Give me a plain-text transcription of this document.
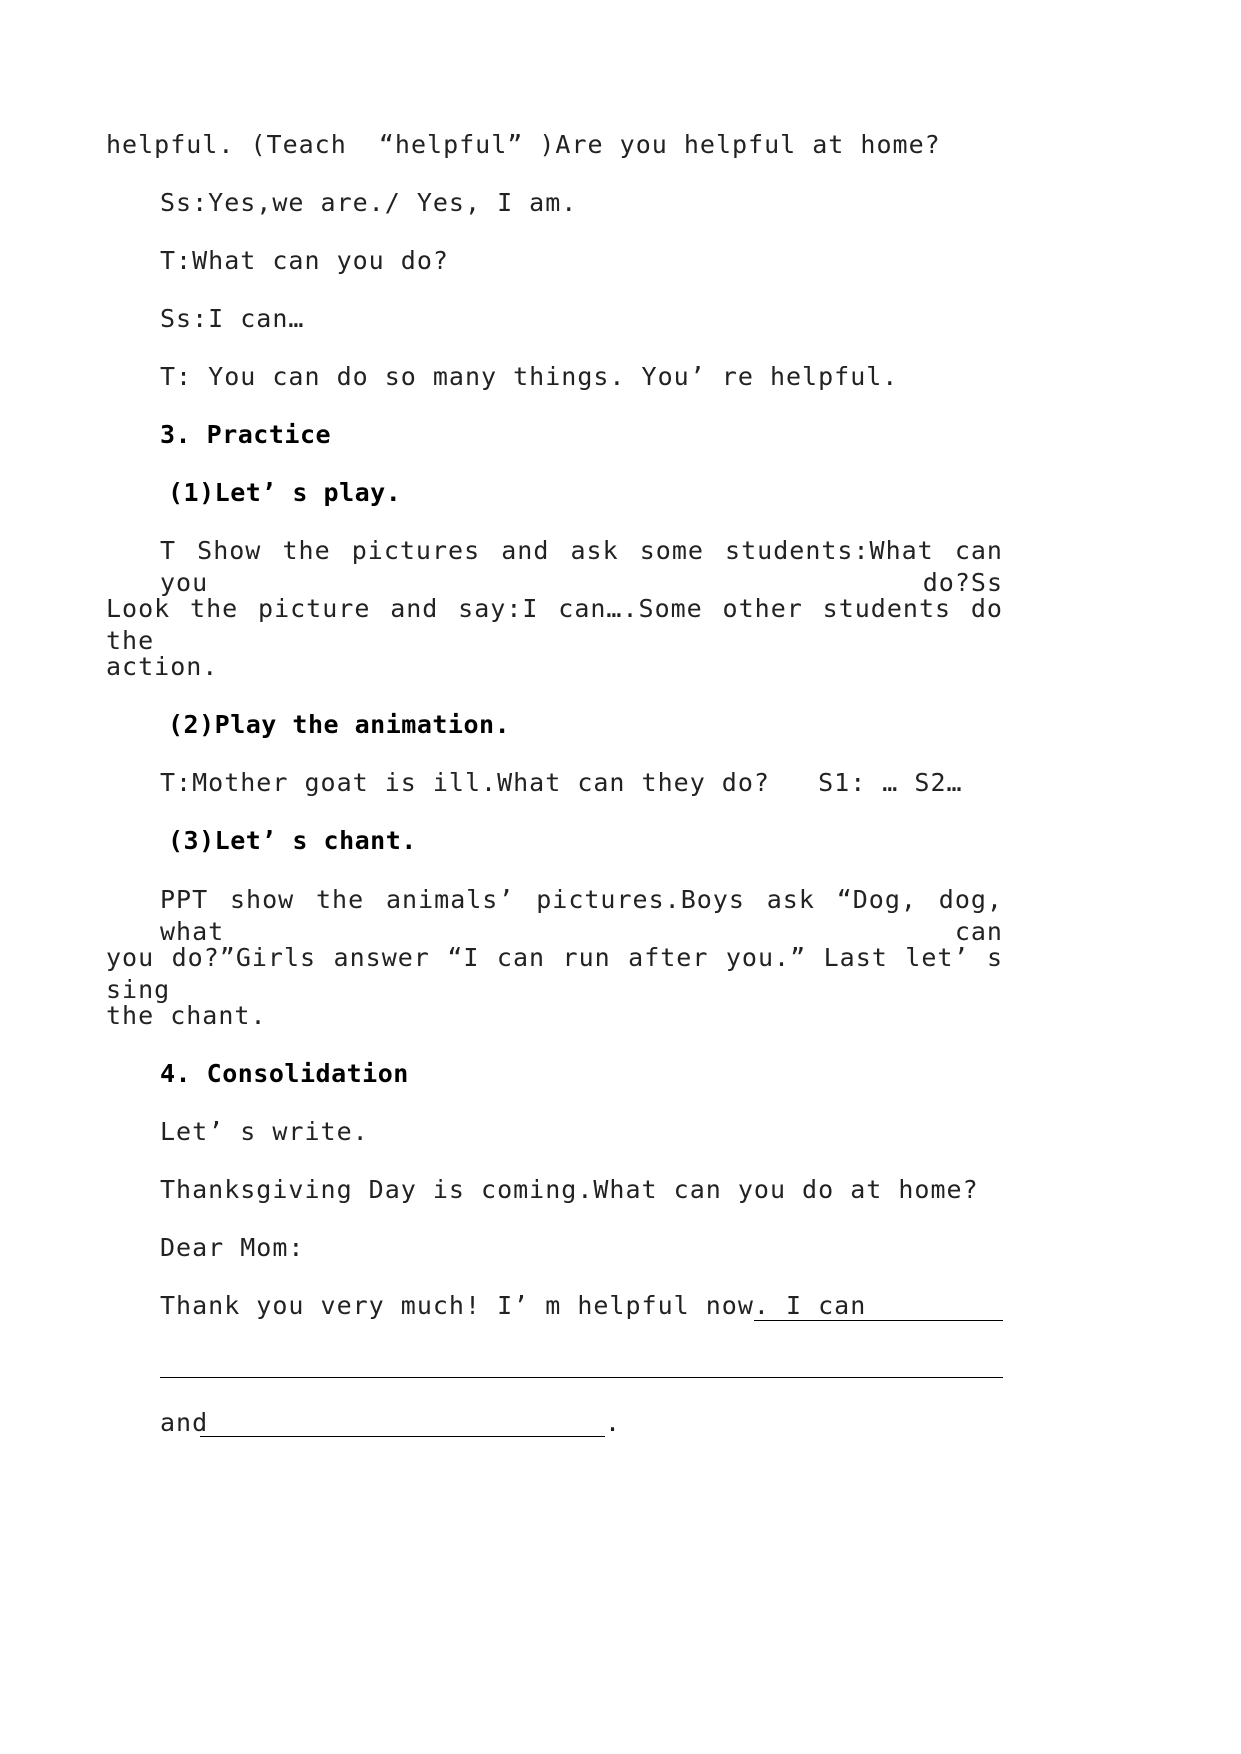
helpful. (Teach  “helpful” )Are you helpful at home?

Ss:Yes,we are./ Yes, I am.

T:What can you do?

Ss:I can…

T: You can do so many things. You’ re helpful.

3. Practice

(1)Let’ s play.

T Show the pictures and ask some students:What can you do?Ss

Look the picture and say:I can….Some other students do the

action.

(2)Play the animation.

T:Mother goat is ill.What can they do?   S1: … S2…

(3)Let’ s chant.

PPT show the animals’ pictures.Boys ask “Dog, dog, what can

you do?”Girls answer “I can run after you.” Last let’ s sing

the chant.

4. Consolidation

Let’ s write.

Thanksgiving Day is coming.What can you do at home?

Dear Mom:

Thank you very much! I’ m helpful now. I can

and	.
